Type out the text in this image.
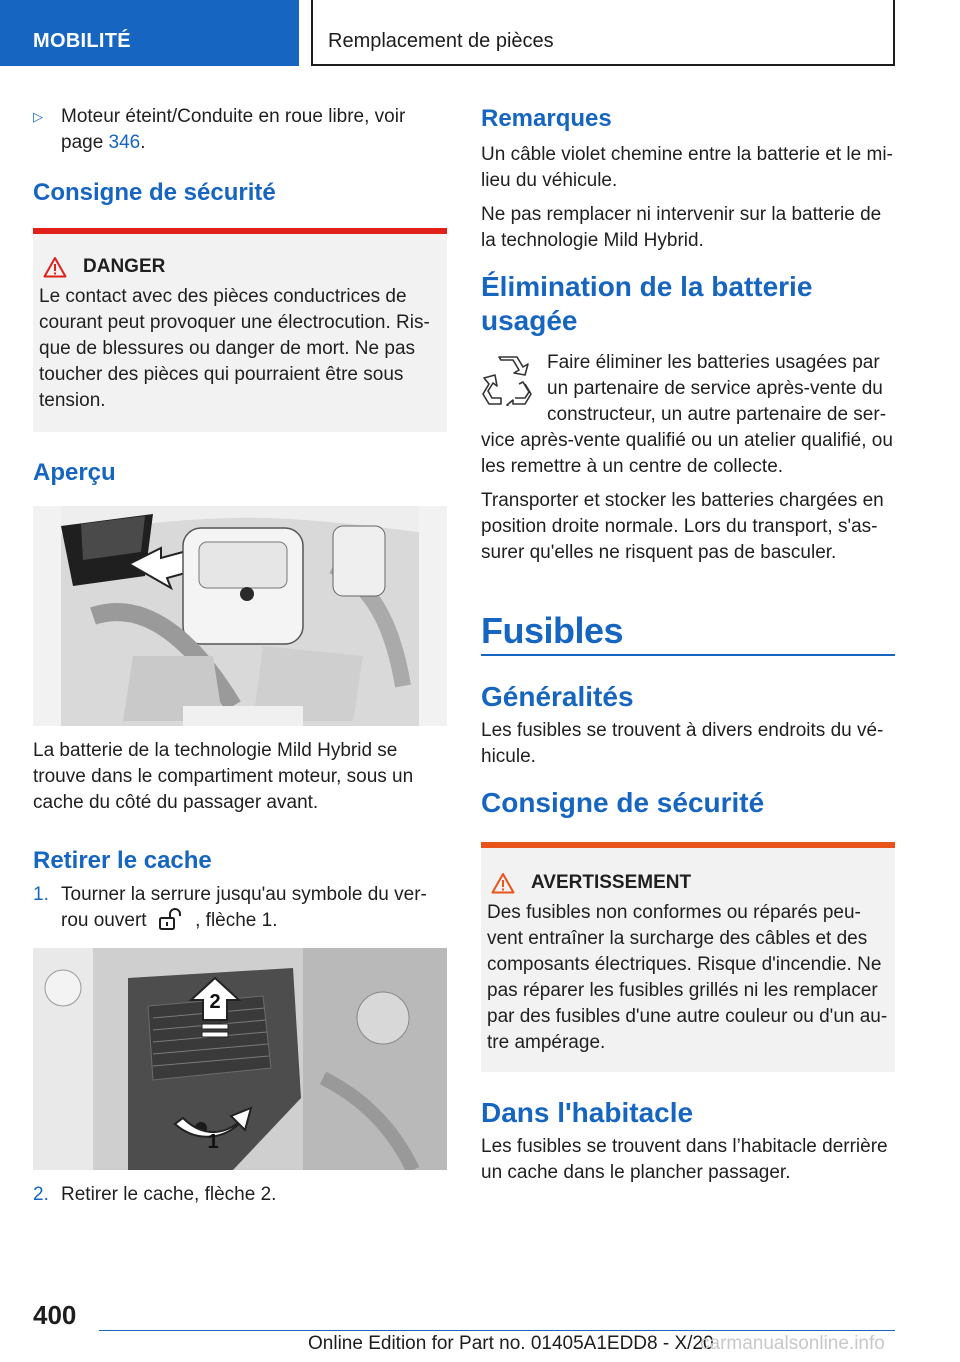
MOBILITÉ	Remplacement de pièces
▷ Moteur éteint/Conduite en roue libre, voir page 346.
Consigne de sécurité
DANGER
Le contact avec des pièces conductrices de courant peut provoquer une électrocution. Ris-que de blessures ou danger de mort. Ne pas toucher des pièces qui pourraient être sous tension.
Aperçu
La batterie de la technologie Mild Hybrid se trouve dans le compartiment moteur, sous un cache du côté du passager avant.
Retirer le cache
1. Tourner la serrure jusqu'au symbole du ver-rou ouvert	, flèche 1.
2
1
2. Retirer le cache, flèche 2.
Remarques
Un câble violet chemine entre la batterie et le mi-lieu du véhicule.
Ne pas remplacer ni intervenir sur la batterie de la technologie Mild Hybrid.
Élimination de la batterie usagée
Faire éliminer les batteries usagées par un partenaire de service après-vente du constructeur, un autre partenaire de ser-
vice après-vente qualifié ou un atelier qualifié, ou les remettre à un centre de collecte.
Transporter et stocker les batteries chargées en position droite normale. Lors du transport, s'as-surer qu'elles ne risquent pas de basculer.
Fusibles
Généralités
Les fusibles se trouvent à divers endroits du vé-hicule.
Consigne de sécurité
AVERTISSEMENT
Des fusibles non conformes ou réparés peu-vent entraîner la surcharge des câbles et des composants électriques. Risque d'incendie. Ne pas réparer les fusibles grillés ni les remplacer par des fusibles d'une autre couleur ou d'un au-tre ampérage.
Dans l'habitacle
Les fusibles se trouvent dans l’habitacle derrière un cache dans le plancher passager.
400
Online Edition for Part no. 01405A1EDD8 - X/20
carmanualsonline.info
